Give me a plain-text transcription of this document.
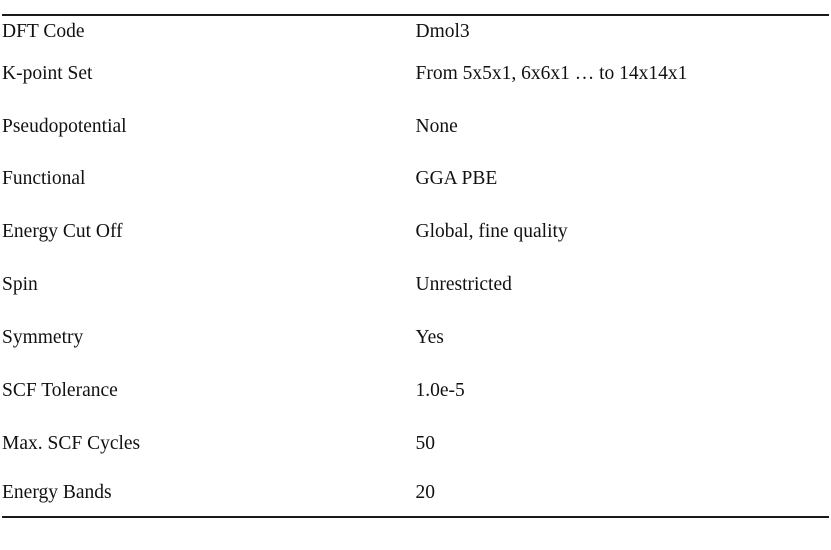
DFT Code	Dmol3
K-point Set	From 5x5x1, 6x6x1 … to 14x14x1
Pseudopotential	None
Functional	GGA PBE
Energy Cut Off	Global, fine quality
Spin	Unrestricted
Symmetry	Yes
SCF Tolerance	1.0e-5
Max. SCF Cycles	50
Energy Bands	20
